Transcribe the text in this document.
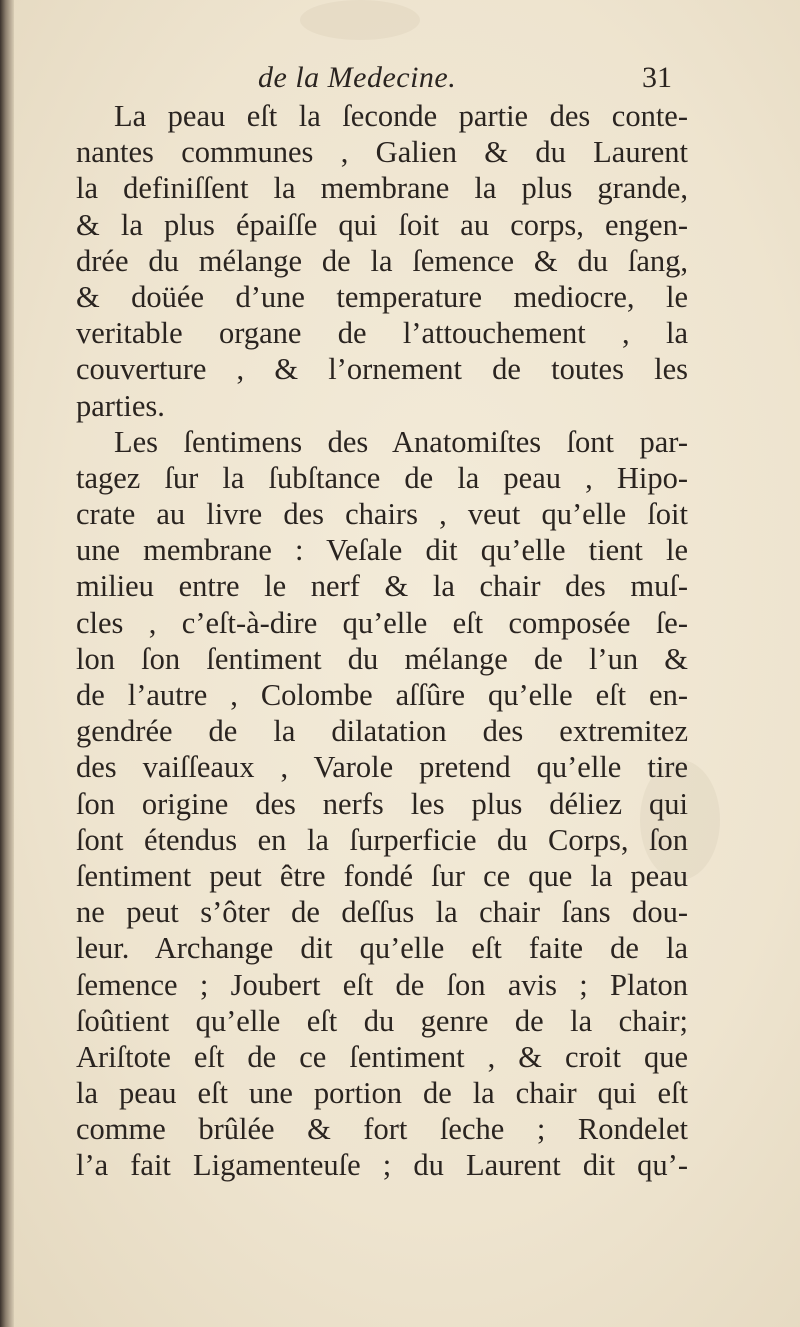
de la Medecine.	31
La peau eſt la ſeconde partie des conte-
nantes communes , Galien & du Laurent
la definiſſent la membrane la plus grande,
& la plus épaiſſe qui ſoit au corps, engen-
drée du mélange de la ſemence & du ſang,
& doüée d’une temperature mediocre, le
veritable organe de l’attouchement , la
couverture , & l’ornement de toutes les
parties.
Les ſentimens des Anatomiſtes ſont par-
tagez ſur la ſubſtance de la peau , Hipo-
crate au livre des chairs , veut qu’elle ſoit
une membrane : Veſale dit qu’elle tient le
milieu entre le nerf & la chair des muſ-
cles , c’eſt-à-dire qu’elle eſt composée ſe-
lon ſon ſentiment du mélange de l’un &
de l’autre , Colombe aſſûre qu’elle eſt en-
gendrée de la dilatation des extremitez
des vaiſſeaux , Varole pretend qu’elle tire
ſon origine des nerfs les plus déliez qui
ſont étendus en la ſurperficie du Corps, ſon
ſentiment peut être fondé ſur ce que la peau
ne peut s’ôter de deſſus la chair ſans dou-
leur. Archange dit qu’elle eſt faite de la
ſemence ; Joubert eſt de ſon avis ; Platon
ſoûtient qu’elle eſt du genre de la chair;
Ariſtote eſt de ce ſentiment , & croit que
la peau eſt une portion de la chair qui eſt
comme brûlée & fort ſeche ; Rondelet
l’a fait Ligamenteuſe ; du Laurent dit qu’-
